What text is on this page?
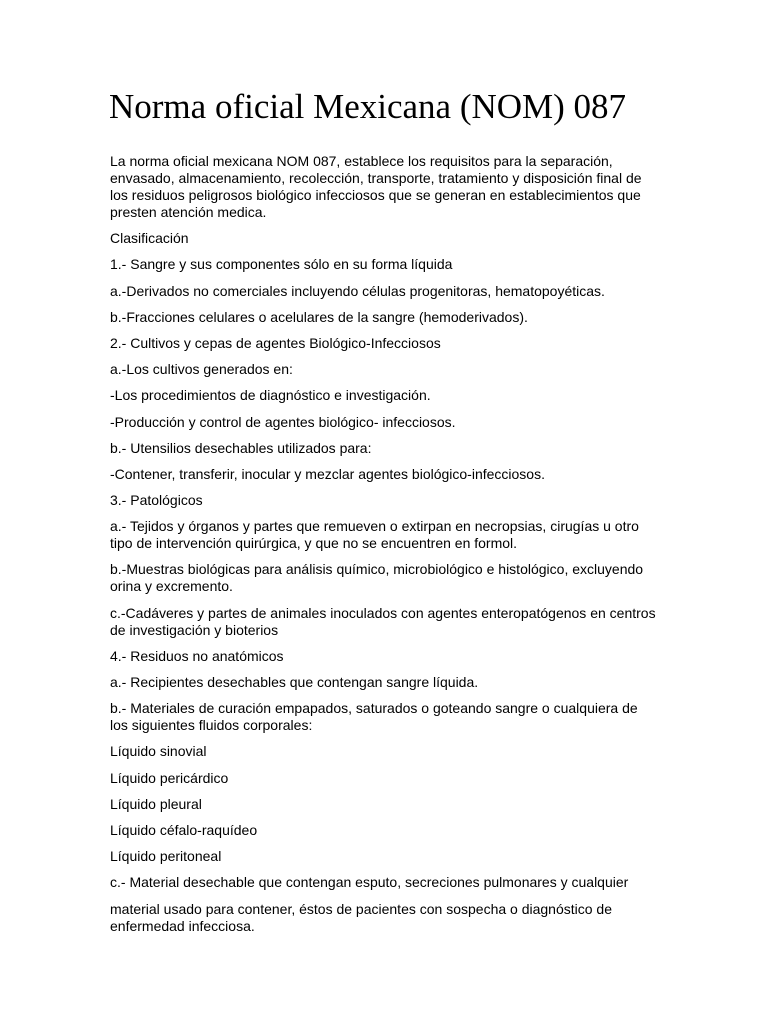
Norma oficial Mexicana (NOM) 087

La norma oficial mexicana NOM 087, establece los requisitos para la separación, envasado, almacenamiento, recolección, transporte, tratamiento y disposición final de los residuos peligrosos biológico infecciosos que se generan en establecimientos que presten atención medica.

Clasificación

1.- Sangre y sus componentes sólo en su forma líquida

a.-Derivados no comerciales incluyendo células progenitoras, hematopoyéticas.

b.-Fracciones celulares o acelulares de la sangre (hemoderivados).

2.- Cultivos y cepas de agentes Biológico-Infecciosos

a.-Los cultivos generados en:

-Los procedimientos de diagnóstico e investigación.

-Producción y control de agentes biológico- infecciosos.

b.- Utensilios desechables utilizados para:

-Contener, transferir, inocular y mezclar agentes biológico-infecciosos.

3.- Patológicos

a.- Tejidos y órganos y partes que remueven o extirpan en necropsias, cirugías u otro tipo de intervención quirúrgica, y que no se encuentren en formol.

b.-Muestras biológicas para análisis químico, microbiológico e histológico, excluyendo orina y excremento.

c.-Cadáveres y partes de animales inoculados con agentes enteropatógenos en centros de investigación y bioterios

4.- Residuos no anatómicos

a.- Recipientes desechables que contengan sangre líquida.

b.- Materiales de curación empapados, saturados o goteando sangre o cualquiera de los siguientes fluidos corporales:

Líquido sinovial

Líquido pericárdico

Líquido pleural

Líquido céfalo-raquídeo

Líquido peritoneal

c.- Material desechable que contengan esputo, secreciones pulmonares y cualquier

material usado para contener, éstos de pacientes con sospecha o diagnóstico de enfermedad infecciosa.
